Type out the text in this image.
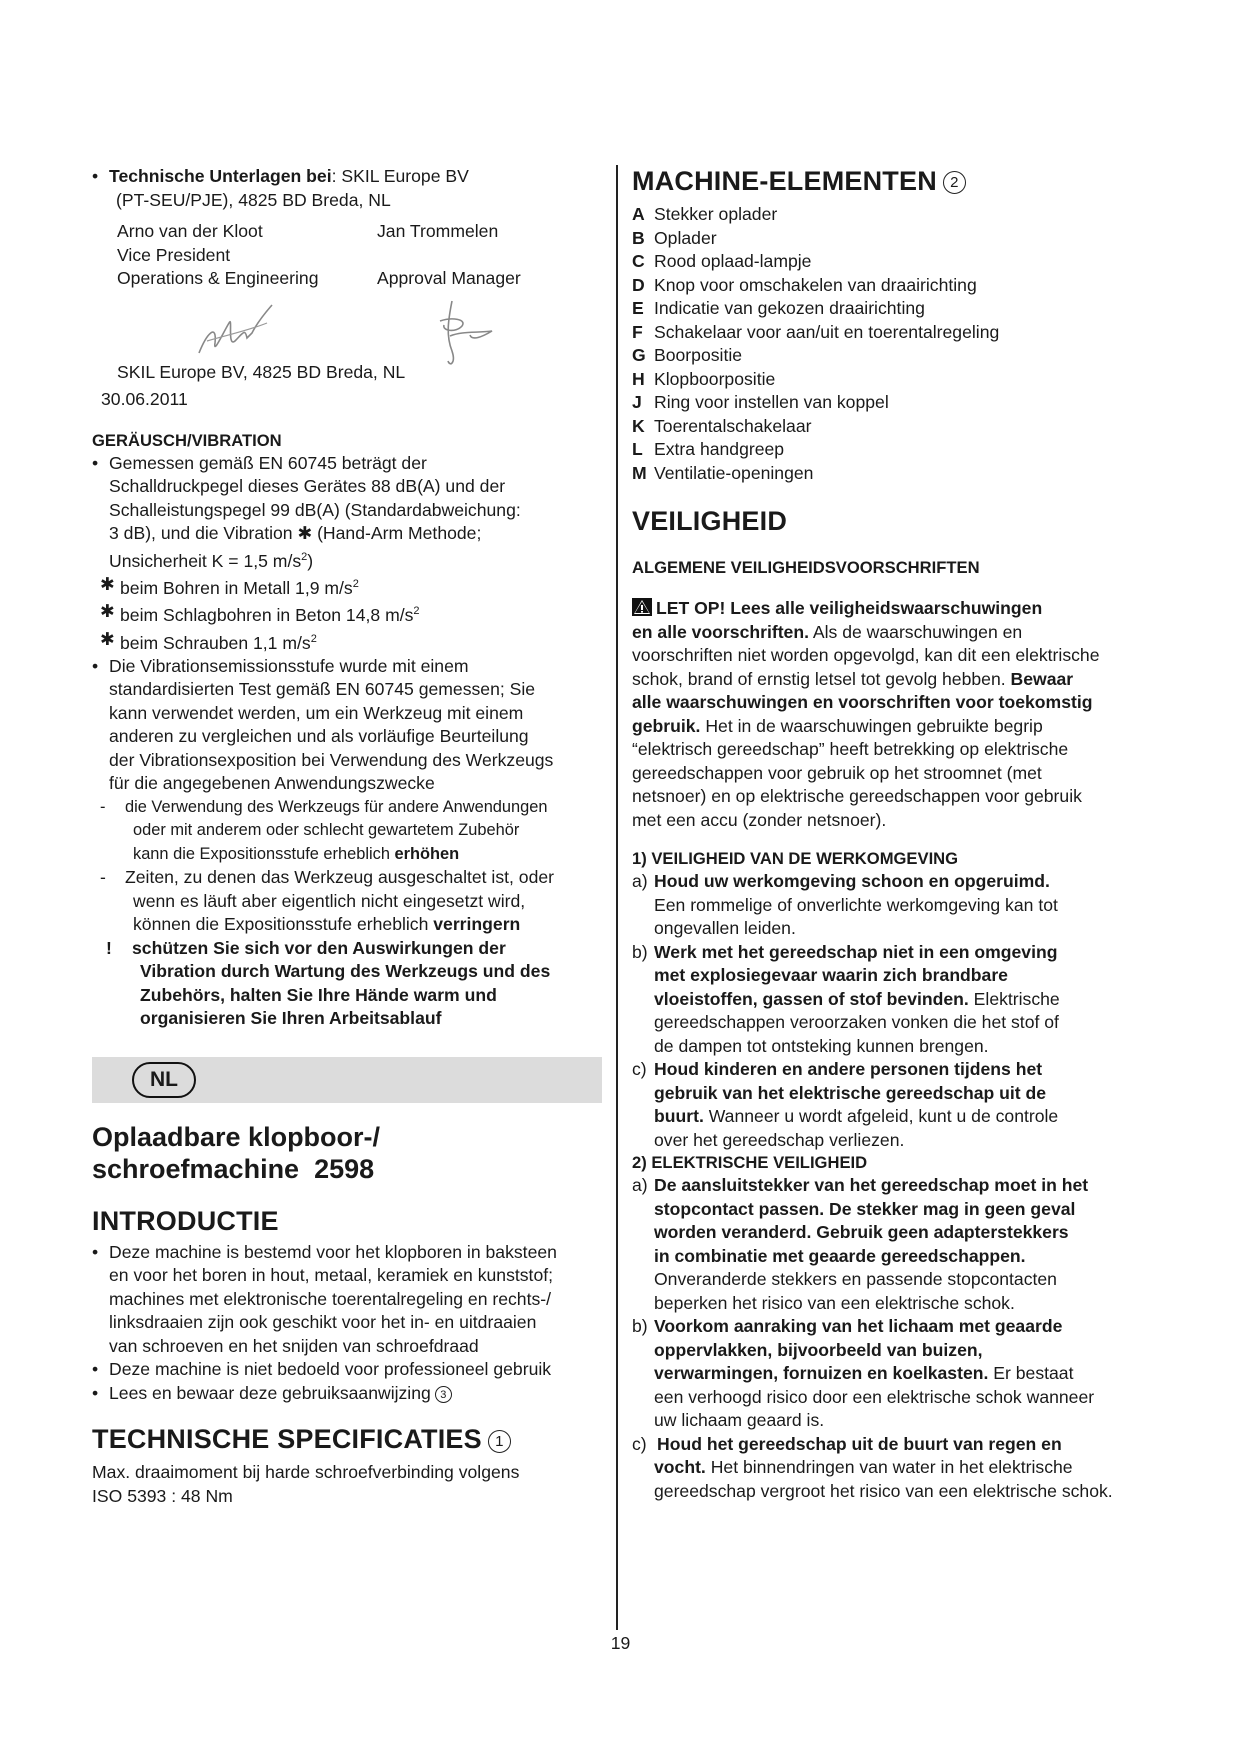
• Technische Unterlagen bei: SKIL Europe BV

(PT-SEU/PJE), 4825 BD Breda, NL

Arno van der Kloot	Jan Trommelen
Vice President
Operations & Engineering	Approval Manager

SKIL Europe BV, 4825 BD Breda, NL

30.06.2011

GERÄUSCH/VIBRATION
• Gemessen gemäß EN 60745 beträgt der
Schalldruckpegel dieses Gerätes 88 dB(A) und der
Schalleistungspegel 99 dB(A) (Standardabweichung:
3 dB), und die Vibration ✱ (Hand-Arm Methode;
Unsicherheit K = 1,5 $m/s^2$)

✱ beim Bohren in Metall 1,9 $m/s^2$

✱ beim Schlagbohren in Beton 14,8 $m/s^2$

✱ beim Schrauben 1,1 $m/s^2$

• Die Vibrationsemissionsstufe wurde mit einem
standardisierten Test gemäß EN 60745 gemessen; Sie
kann verwendet werden, um ein Werkzeug mit einem
anderen zu vergleichen und als vorläufige Beurteilung
der Vibrationsexposition bei Verwendung des Werkzeugs
für die angegebenen Anwendungszwecke
- die Verwendung des Werkzeugs für andere Anwendungen
oder mit anderem oder schlecht gewartetem Zubehör
kann die Expositionsstufe erheblich erhöhen
- Zeiten, zu denen das Werkzeug ausgeschaltet ist, oder
wenn es läuft aber eigentlich nicht eingesetzt wird,
können die Expositionsstufe erheblich verringern
! schützen Sie sich vor den Auswirkungen der
Vibration durch Wartung des Werkzeugs und des
Zubehörs, halten Sie Ihre Hände warm und
organisieren Sie Ihren Arbeitsablauf
NL
Oplaadbare klopboor-/
schroefmachine  2598
INTRODUCTIE
• Deze machine is bestemd voor het klopboren in baksteen
en voor het boren in hout, metaal, keramiek en kunststof;
machines met elektronische toerentalregeling en rechts-/
linksdraaien zijn ook geschikt voor het in- en uitdraaien
van schroeven en het snijden van schroefdraad

• Deze machine is niet bedoeld voor professioneel gebruik

• Lees en bewaar deze gebruiksaanwijzing 3

TECHNISCHE SPECIFICATIES 1

Max. draaimoment bij harde schroefverbinding volgens

ISO 5393 : 48 Nm

MACHINE-ELEMENTEN 2

A Stekker oplader

B Oplader

C Rood oplaad-lampje

D Knop voor omschakelen van draairichting

E Indicatie van gekozen draairichting

F Schakelaar voor aan/uit en toerentalregeling

G Boorpositie

H Klopboorpositie

J Ring voor instellen van koppel

K Toerentalschakelaar

L Extra handgreep

M Ventilatie-openingen

VEILIGHEID
ALGEMENE VEILIGHEIDSVOORSCHRIFTEN
LET OP! Lees alle veiligheidswaarschuwingen
en alle voorschriften. Als de waarschuwingen en
voorschriften niet worden opgevolgd, kan dit een elektrische
schok, brand of ernstig letsel tot gevolg hebben. Bewaar
alle waarschuwingen en voorschriften voor toekomstig
gebruik. Het in de waarschuwingen gebruikte begrip
“elektrisch gereedschap” heeft betrekking op elektrische
gereedschappen voor gebruik op het stroomnet (met
netsnoer) en op elektrische gereedschappen voor gebruik
met een accu (zonder netsnoer).
1) VEILIGHEID VAN DE WERKOMGEVING
a) Houd uw werkomgeving schoon en opgeruimd.
Een rommelige of onverlichte werkomgeving kan tot
ongevallen leiden.
b) Werk met het gereedschap niet in een omgeving
met explosiegevaar waarin zich brandbare
vloeistoffen, gassen of stof bevinden. Elektrische
gereedschappen veroorzaken vonken die het stof of
de dampen tot ontsteking kunnen brengen.
c) Houd kinderen en andere personen tijdens het
gebruik van het elektrische gereedschap uit de
buurt. Wanneer u wordt afgeleid, kunt u de controle
over het gereedschap verliezen.
2) ELEKTRISCHE VEILIGHEID
a) De aansluitstekker van het gereedschap moet in het
stopcontact passen. De stekker mag in geen geval
worden veranderd. Gebruik geen adapterstekkers
in combinatie met geaarde gereedschappen.
Onveranderde stekkers en passende stopcontacten
beperken het risico van een elektrische schok.
b) Voorkom aanraking van het lichaam met geaarde
oppervlakken, bijvoorbeeld van buizen,
verwarmingen, fornuizen en koelkasten. Er bestaat
een verhoogd risico door een elektrische schok wanneer
uw lichaam geaard is.
c) Houd het gereedschap uit de buurt van regen en
vocht. Het binnendringen van water in het elektrische
gereedschap vergroot het risico van een elektrische schok.
19
